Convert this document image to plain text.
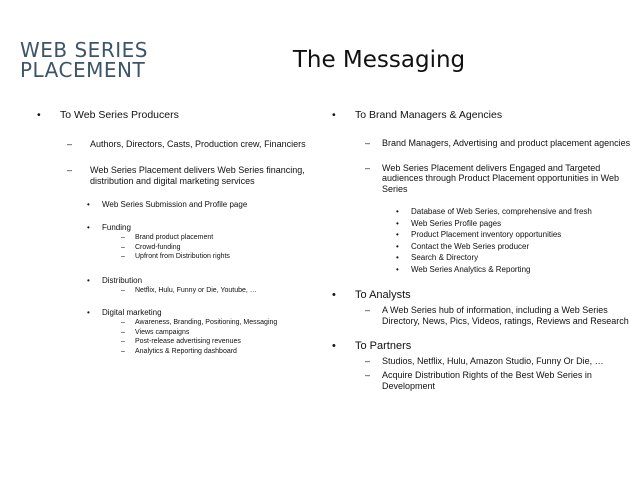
WEB SERIES
PLACEMENT	The Messaging
•	To Web Series Producers
–	Authors, Directors, Casts, Production crew, Financiers
–	Web Series Placement delivers Web Series financing, distribution and digital marketing services
•	Web Series Submission and Profile page
•	Funding
–	Brand product placement
–	Crowd-funding
–	Upfront from Distribution rights
•	Distribution
–	Netflix, Hulu, Funny or Die, Youtube, …
•	Digital marketing
–	Awareness, Branding, Positioning, Messaging
–	Views campaigns
–	Post-release advertising revenues
–	Analytics & Reporting dashboard
•	To Brand Managers & Agencies
–	Brand Managers, Advertising and product placement agencies
–	Web Series Placement delivers Engaged and Targeted audiences through Product Placement opportunities in Web Series
•	Database of Web Series, comprehensive and fresh
•	Web Series Profile pages
•	Product Placement inventory opportunities
•	Contact the Web Series producer
•	Search & Directory
•	Web Series Analytics & Reporting
•	To Analysts
–	A Web Series hub of information, including a Web Series Directory, News, Pics, Videos, ratings, Reviews and Research
•	To Partners
–	Studios, Netflix, Hulu, Amazon Studio, Funny Or Die, …
–	Acquire Distribution Rights of the Best Web Series in Development
